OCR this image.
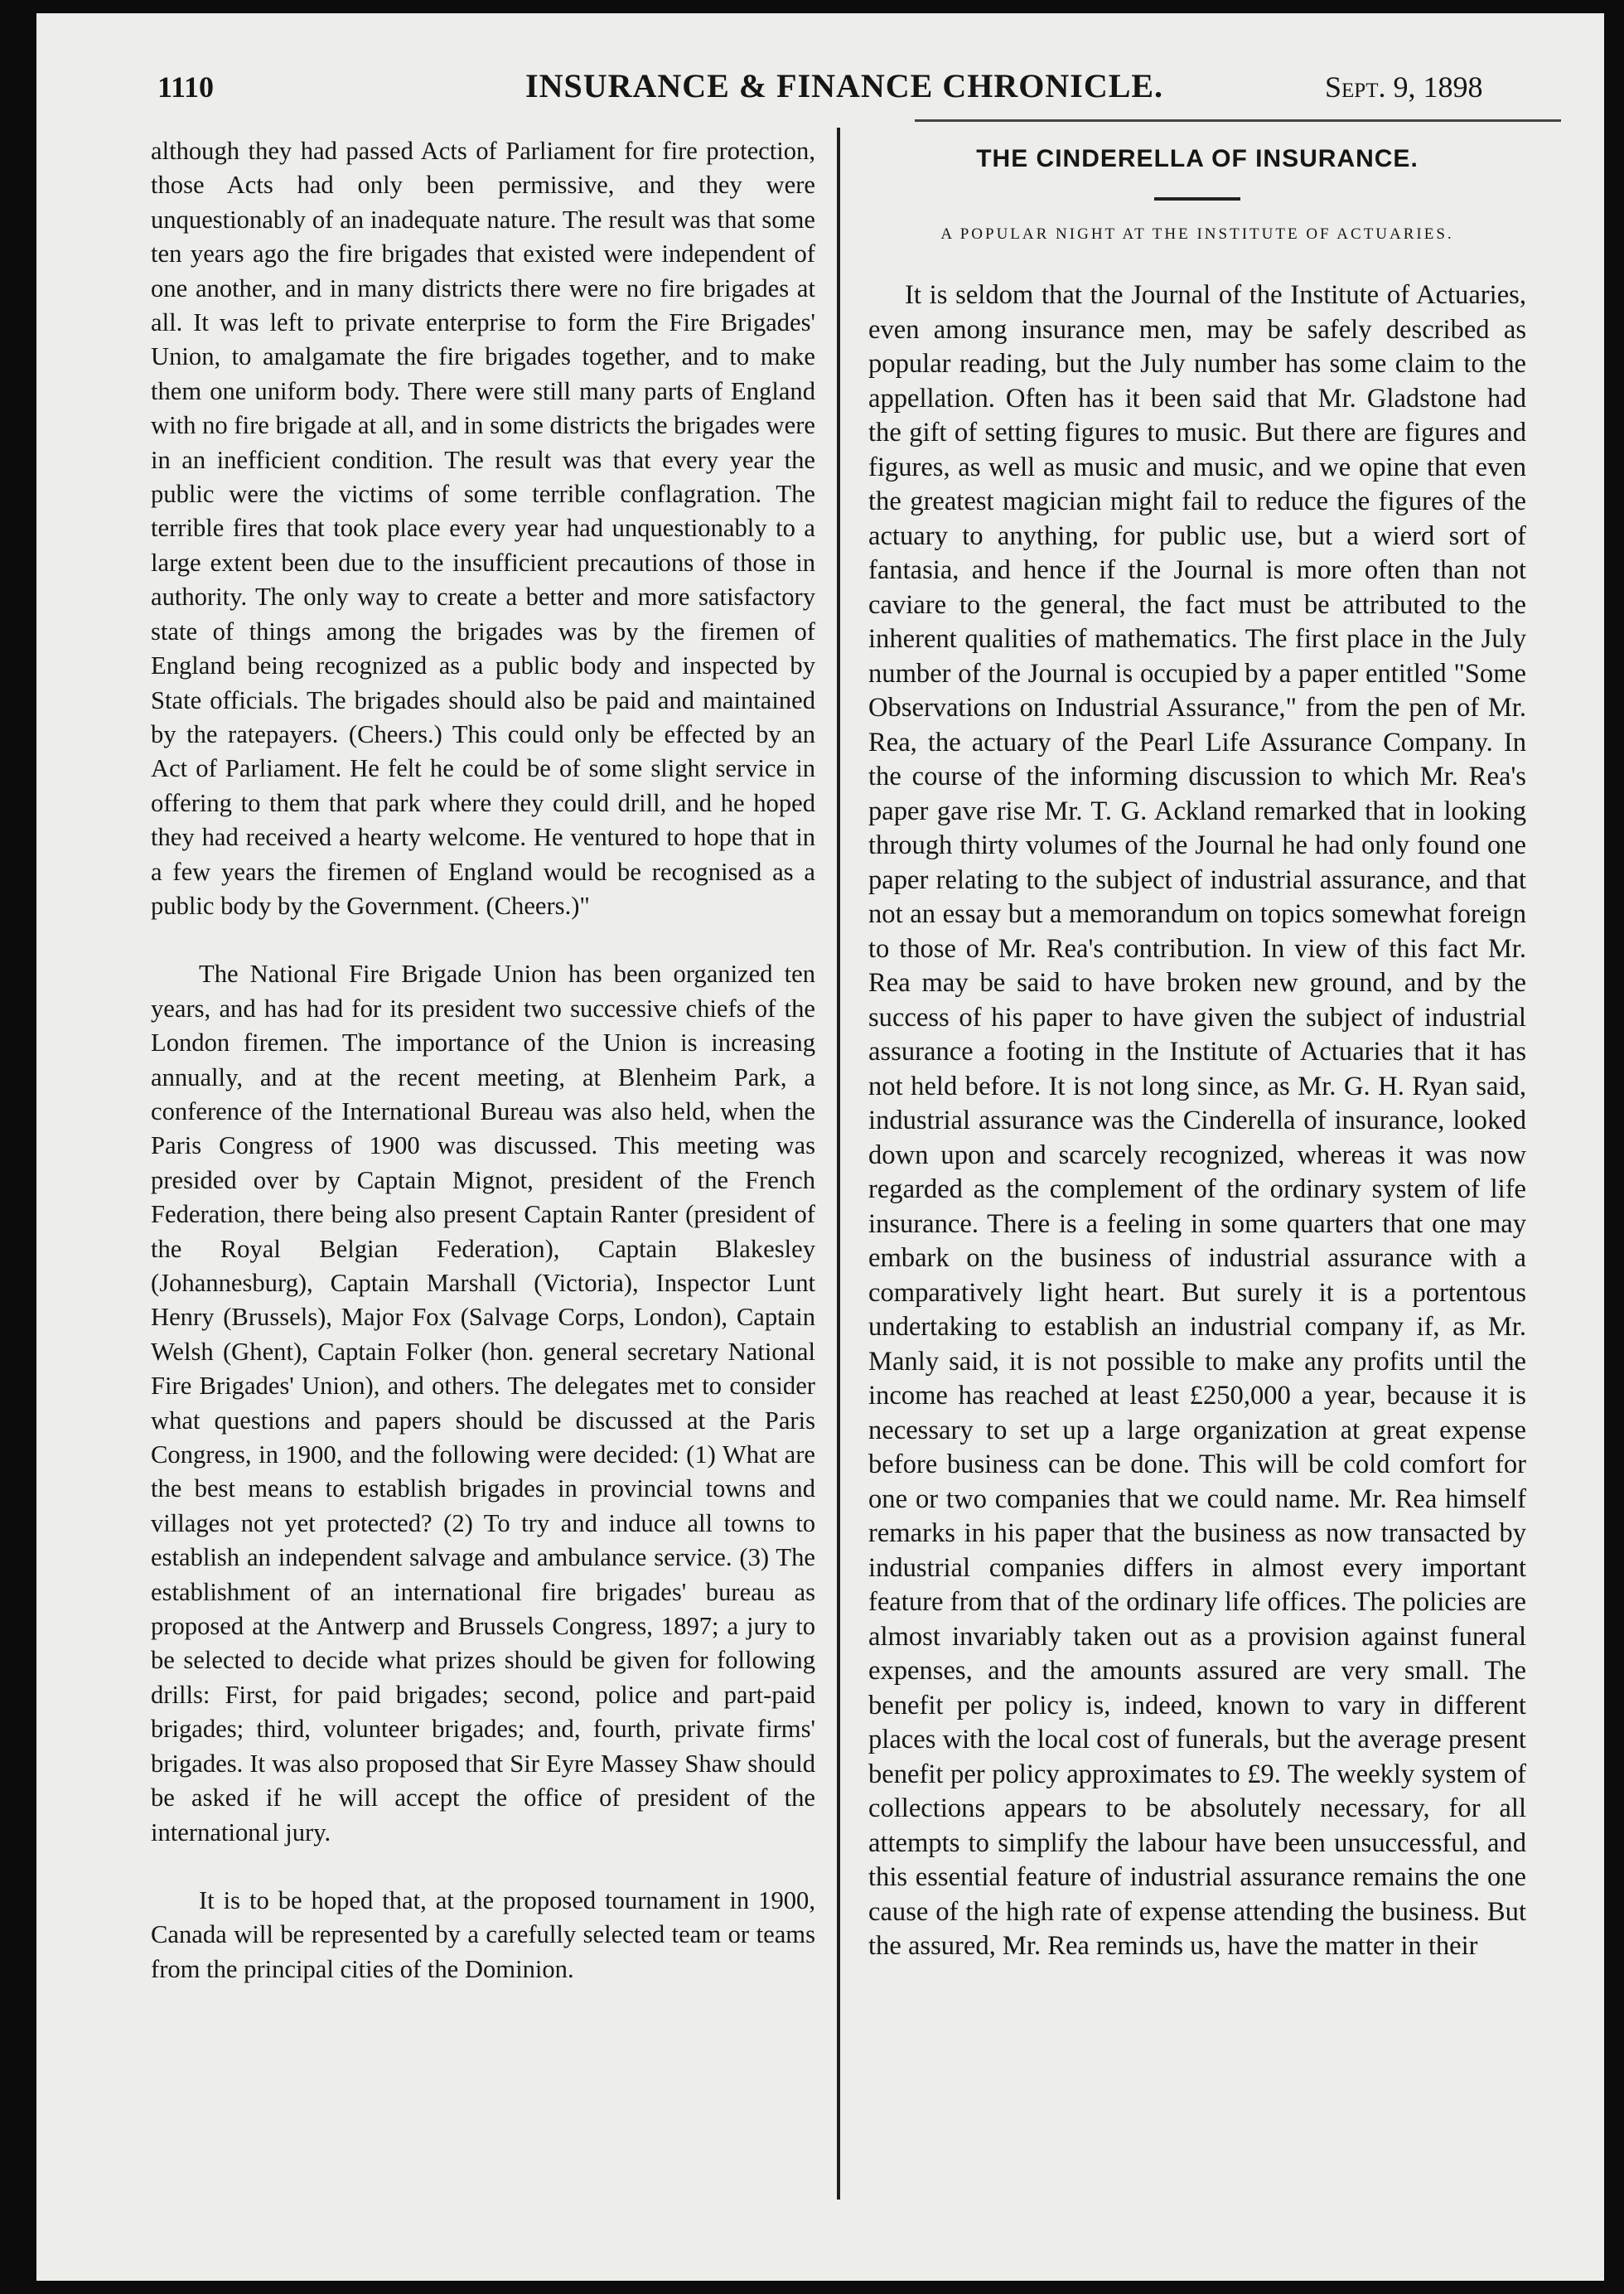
1110	INSURANCE & FINANCE CHRONICLE.	Sept. 9, 1898

although they had passed Acts of Parliament for fire protection, those Acts had only been permissive, and they were unquestionably of an inadequate nature. The result was that some ten years ago the fire brigades that existed were independent of one another, and in many districts there were no fire brigades at all. It was left to private enterprise to form the Fire Brigades' Union, to amalgamate the fire brigades together, and to make them one uniform body. There were still many parts of England with no fire brigade at all, and in some districts the brigades were in an inefficient condition. The result was that every year the public were the victims of some terrible conflagration. The terrible fires that took place every year had unquestionably to a large extent been due to the insufficient precautions of those in authority. The only way to create a better and more satisfactory state of things among the brigades was by the firemen of England being recognized as a public body and inspected by State officials. The brigades should also be paid and maintained by the ratepayers. (Cheers.) This could only be effected by an Act of Parliament. He felt he could be of some slight service in offering to them that park where they could drill, and he hoped they had received a hearty welcome. He ventured to hope that in a few years the firemen of England would be recognised as a public body by the Government. (Cheers.)"

The National Fire Brigade Union has been organized ten years, and has had for its president two successive chiefs of the London firemen. The importance of the Union is increasing annually, and at the recent meeting, at Blenheim Park, a conference of the International Bureau was also held, when the Paris Congress of 1900 was discussed. This meeting was presided over by Captain Mignot, president of the French Federation, there being also present Captain Ranter (president of the Royal Belgian Federation), Captain Blakesley (Johannesburg), Captain Marshall (Victoria), Inspector Lunt Henry (Brussels), Major Fox (Salvage Corps, London), Captain Welsh (Ghent), Captain Folker (hon. general secretary National Fire Brigades' Union), and others. The delegates met to consider what questions and papers should be discussed at the Paris Congress, in 1900, and the following were decided: (1) What are the best means to establish brigades in provincial towns and villages not yet protected? (2) To try and induce all towns to establish an independent salvage and ambulance service. (3) The establishment of an international fire brigades' bureau as proposed at the Antwerp and Brussels Congress, 1897; a jury to be selected to decide what prizes should be given for following drills: First, for paid brigades; second, police and part-paid brigades; third, volunteer brigades; and, fourth, private firms' brigades. It was also proposed that Sir Eyre Massey Shaw should be asked if he will accept the office of president of the international jury.

It is to be hoped that, at the proposed tournament in 1900, Canada will be represented by a carefully selected team or teams from the principal cities of the Dominion.

THE CINDERELLA OF INSURANCE.
A POPULAR NIGHT AT THE INSTITUTE OF ACTUARIES.

It is seldom that the Journal of the Institute of Actuaries, even among insurance men, may be safely described as popular reading, but the July number has some claim to the appellation. Often has it been said that Mr. Gladstone had the gift of setting figures to music. But there are figures and figures, as well as music and music, and we opine that even the greatest magician might fail to reduce the figures of the actuary to anything, for public use, but a wierd sort of fantasia, and hence if the Journal is more often than not caviare to the general, the fact must be attributed to the inherent qualities of mathematics. The first place in the July number of the Journal is occupied by a paper entitled "Some Observations on Industrial Assurance," from the pen of Mr. Rea, the actuary of the Pearl Life Assurance Company. In the course of the informing discussion to which Mr. Rea's paper gave rise Mr. T. G. Ackland remarked that in looking through thirty volumes of the Journal he had only found one paper relating to the subject of industrial assurance, and that not an essay but a memorandum on topics somewhat foreign to those of Mr. Rea's contribution. In view of this fact Mr. Rea may be said to have broken new ground, and by the success of his paper to have given the subject of industrial assurance a footing in the Institute of Actuaries that it has not held before. It is not long since, as Mr. G. H. Ryan said, industrial assurance was the Cinderella of insurance, looked down upon and scarcely recognized, whereas it was now regarded as the complement of the ordinary system of life insurance. There is a feeling in some quarters that one may embark on the business of industrial assurance with a comparatively light heart. But surely it is a portentous undertaking to establish an industrial company if, as Mr. Manly said, it is not possible to make any profits until the income has reached at least £250,000 a year, because it is necessary to set up a large organization at great expense before business can be done. This will be cold comfort for one or two companies that we could name. Mr. Rea himself remarks in his paper that the business as now transacted by industrial companies differs in almost every important feature from that of the ordinary life offices. The policies are almost invariably taken out as a provision against funeral expenses, and the amounts assured are very small. The benefit per policy is, indeed, known to vary in different places with the local cost of funerals, but the average present benefit per policy approximates to £9. The weekly system of collections appears to be absolutely necessary, for all attempts to simplify the labour have been unsuccessful, and this essential feature of industrial assurance remains the one cause of the high rate of expense attending the business. But the assured, Mr. Rea reminds us, have the matter in their
